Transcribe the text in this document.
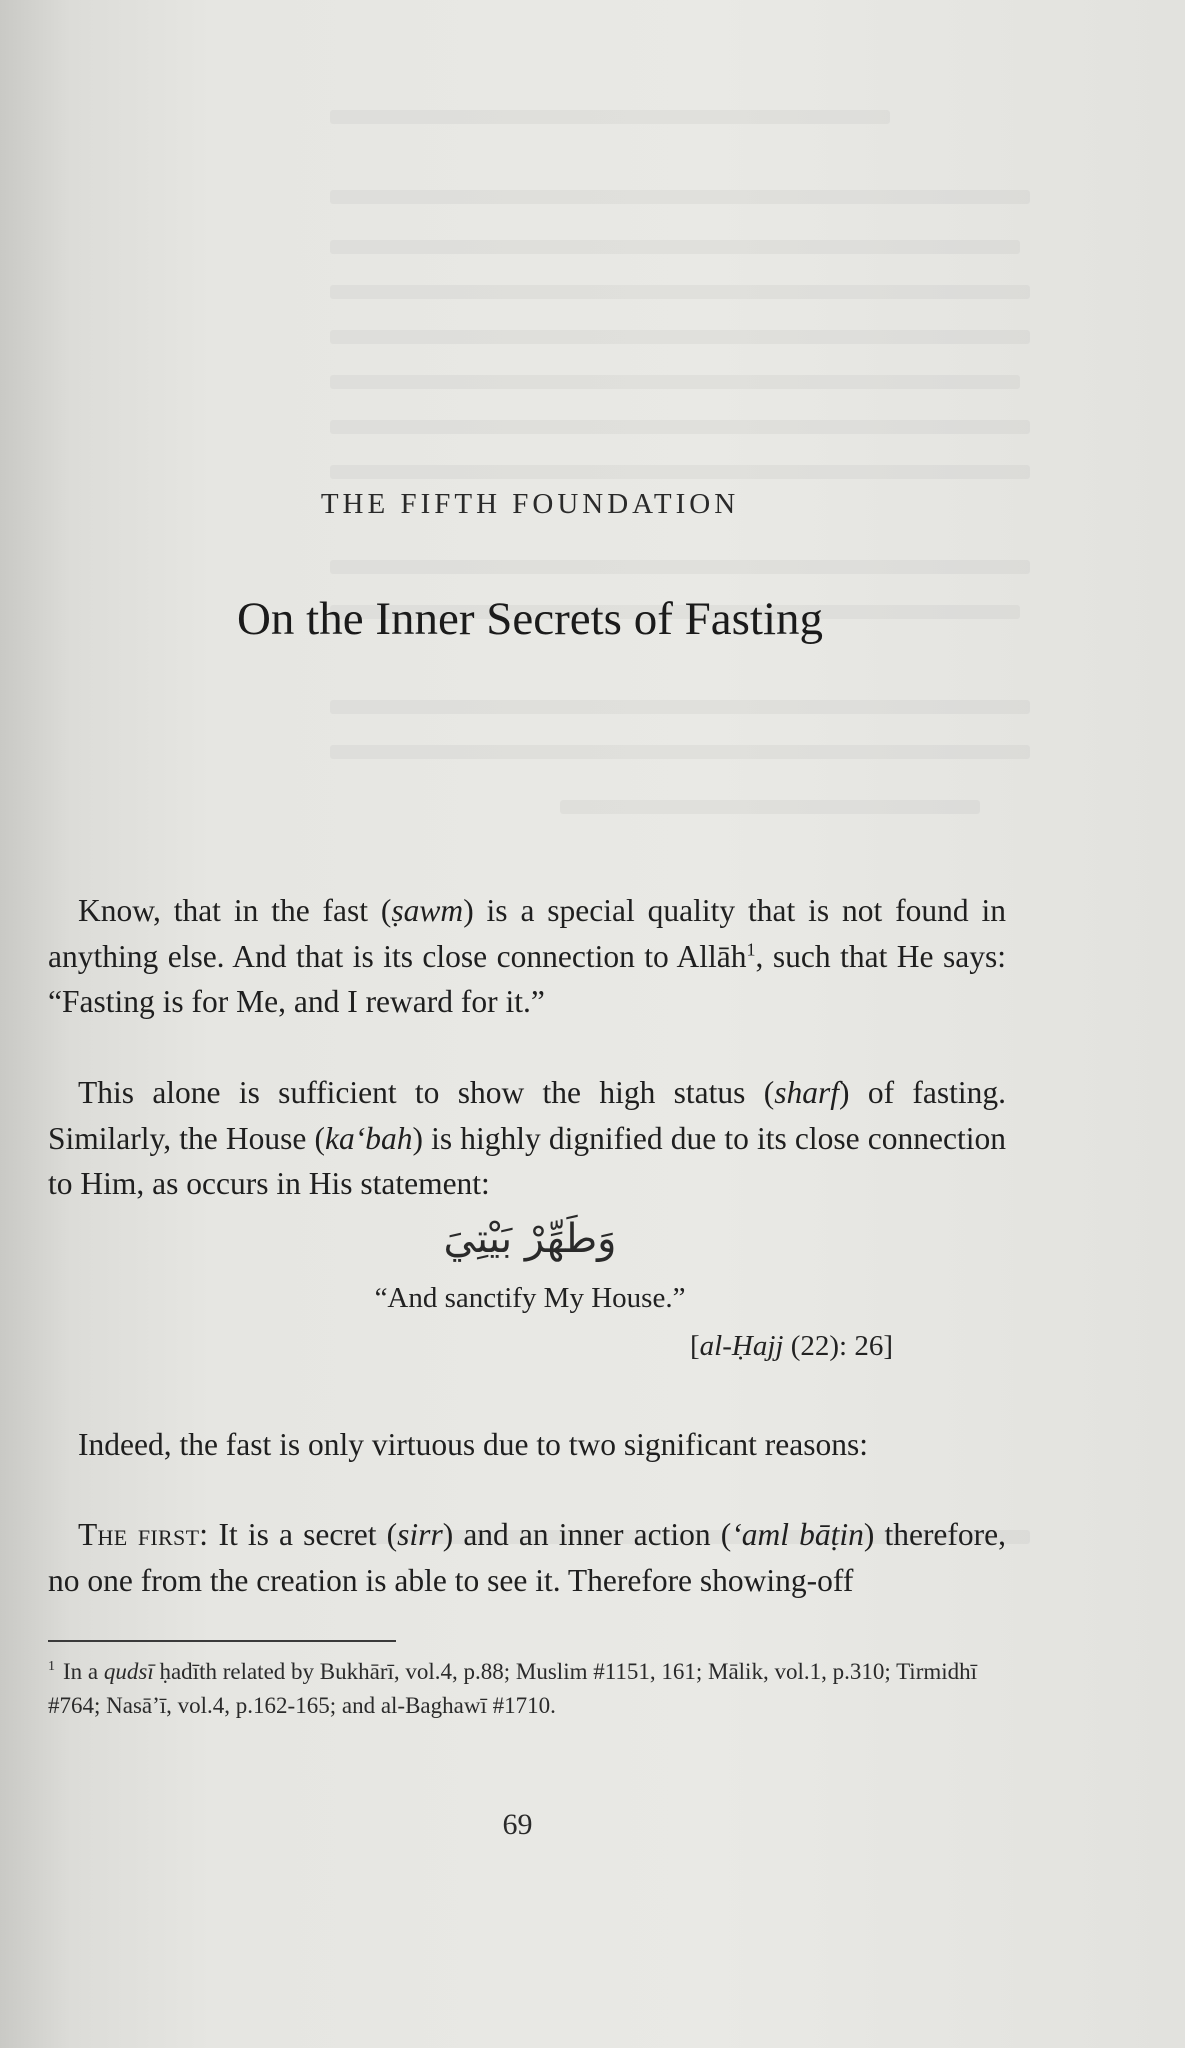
THE FIFTH FOUNDATION
On the Inner Secrets of Fasting
Know, that in the fast (ṣawm) is a special quality that is not found in anything else. And that is its close connection to Allāh$^1$, such that He says: “Fasting is for Me, and I reward for it.”
This alone is sufficient to show the high status (sharf) of fasting. Similarly, the House (ka‘bah) is highly dignified due to its close connection to Him, as occurs in His statement:
وَطَهِّرْ بَيْتِيَ
“And sanctify My House.”
[al-Ḥajj (22): 26]
Indeed, the fast is only virtuous due to two significant reasons:
The first: It is a secret (sirr) and an inner action (‘aml bāṭin) therefore, no one from the creation is able to see it. Therefore showing-off
$^1$ In a qudsī ḥadīth related by Bukhārī, vol.4, p.88; Muslim #1151, 161; Mālik, vol.1, p.310; Tirmidhī #764; Nasā’ī, vol.4, p.162-165; and al-Baghawī #1710.
69
